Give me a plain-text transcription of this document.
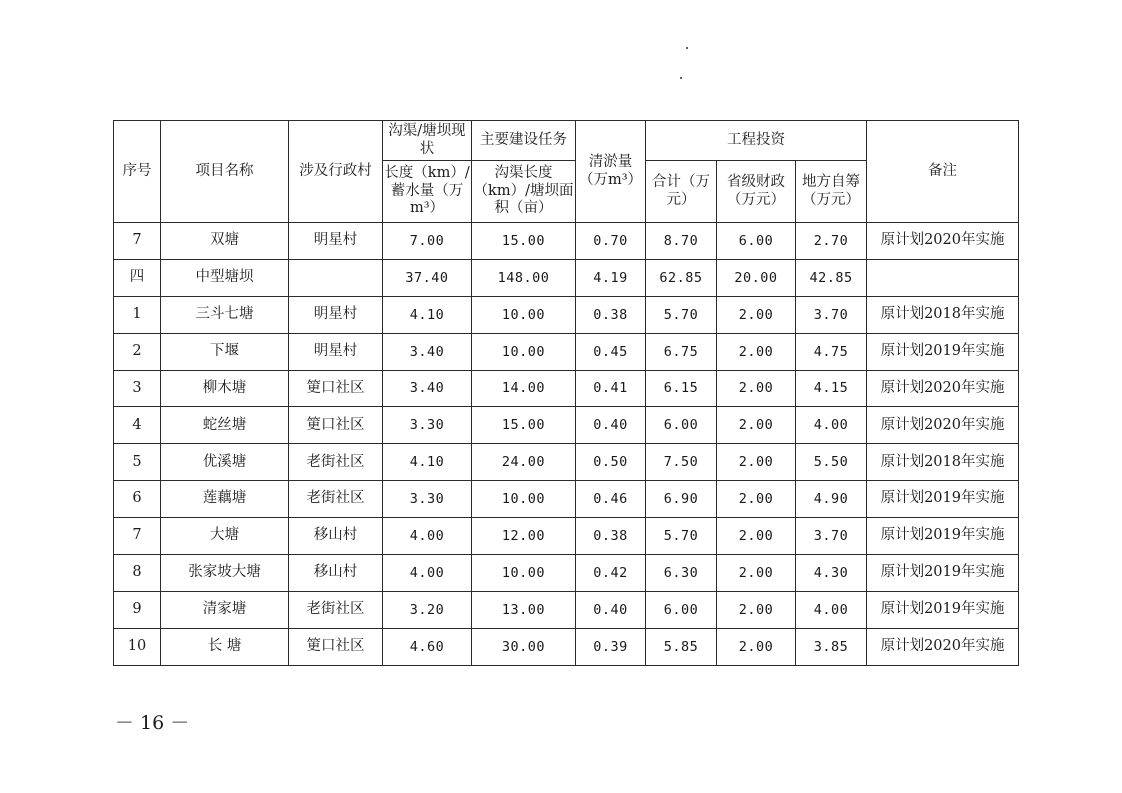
序号	项目名称	涉及行政村	沟渠/塘坝现状	主要建设任务	清淤量（万m³）	工程投资			备注
			长度（km）/蓄水量（万m³）	沟渠长度（km）/塘坝面积（亩）		合计（万元）	省级财政（万元）	地方自筹（万元）	
7	双塘	明星村	7.00	15.00	0.70	8.70	6.00	2.70	原计划2020年实施
四	中型塘坝		37.40	148.00	4.19	62.85	20.00	42.85	
1	三斗七塘	明星村	4.10	10.00	0.38	5.70	2.00	3.70	原计划2018年实施
2	下堰	明星村	3.40	10.00	0.45	6.75	2.00	4.75	原计划2019年实施
3	柳木塘	筻口社区	3.40	14.00	0.41	6.15	2.00	4.15	原计划2020年实施
4	蛇丝塘	筻口社区	3.30	15.00	0.40	6.00	2.00	4.00	原计划2020年实施
5	优溪塘	老街社区	4.10	24.00	0.50	7.50	2.00	5.50	原计划2018年实施
6	莲藕塘	老街社区	3.30	10.00	0.46	6.90	2.00	4.90	原计划2019年实施
7	大塘	移山村	4.00	12.00	0.38	5.70	2.00	3.70	原计划2019年实施
8	张家坡大塘	移山村	4.00	10.00	0.42	6.30	2.00	4.30	原计划2019年实施
9	清家塘	老街社区	3.20	13.00	0.40	6.00	2.00	4.00	原计划2019年实施
10	长 塘	筻口社区	4.60	30.00	0.39	5.85	2.00	3.85	原计划2020年实施
－ 16 －
